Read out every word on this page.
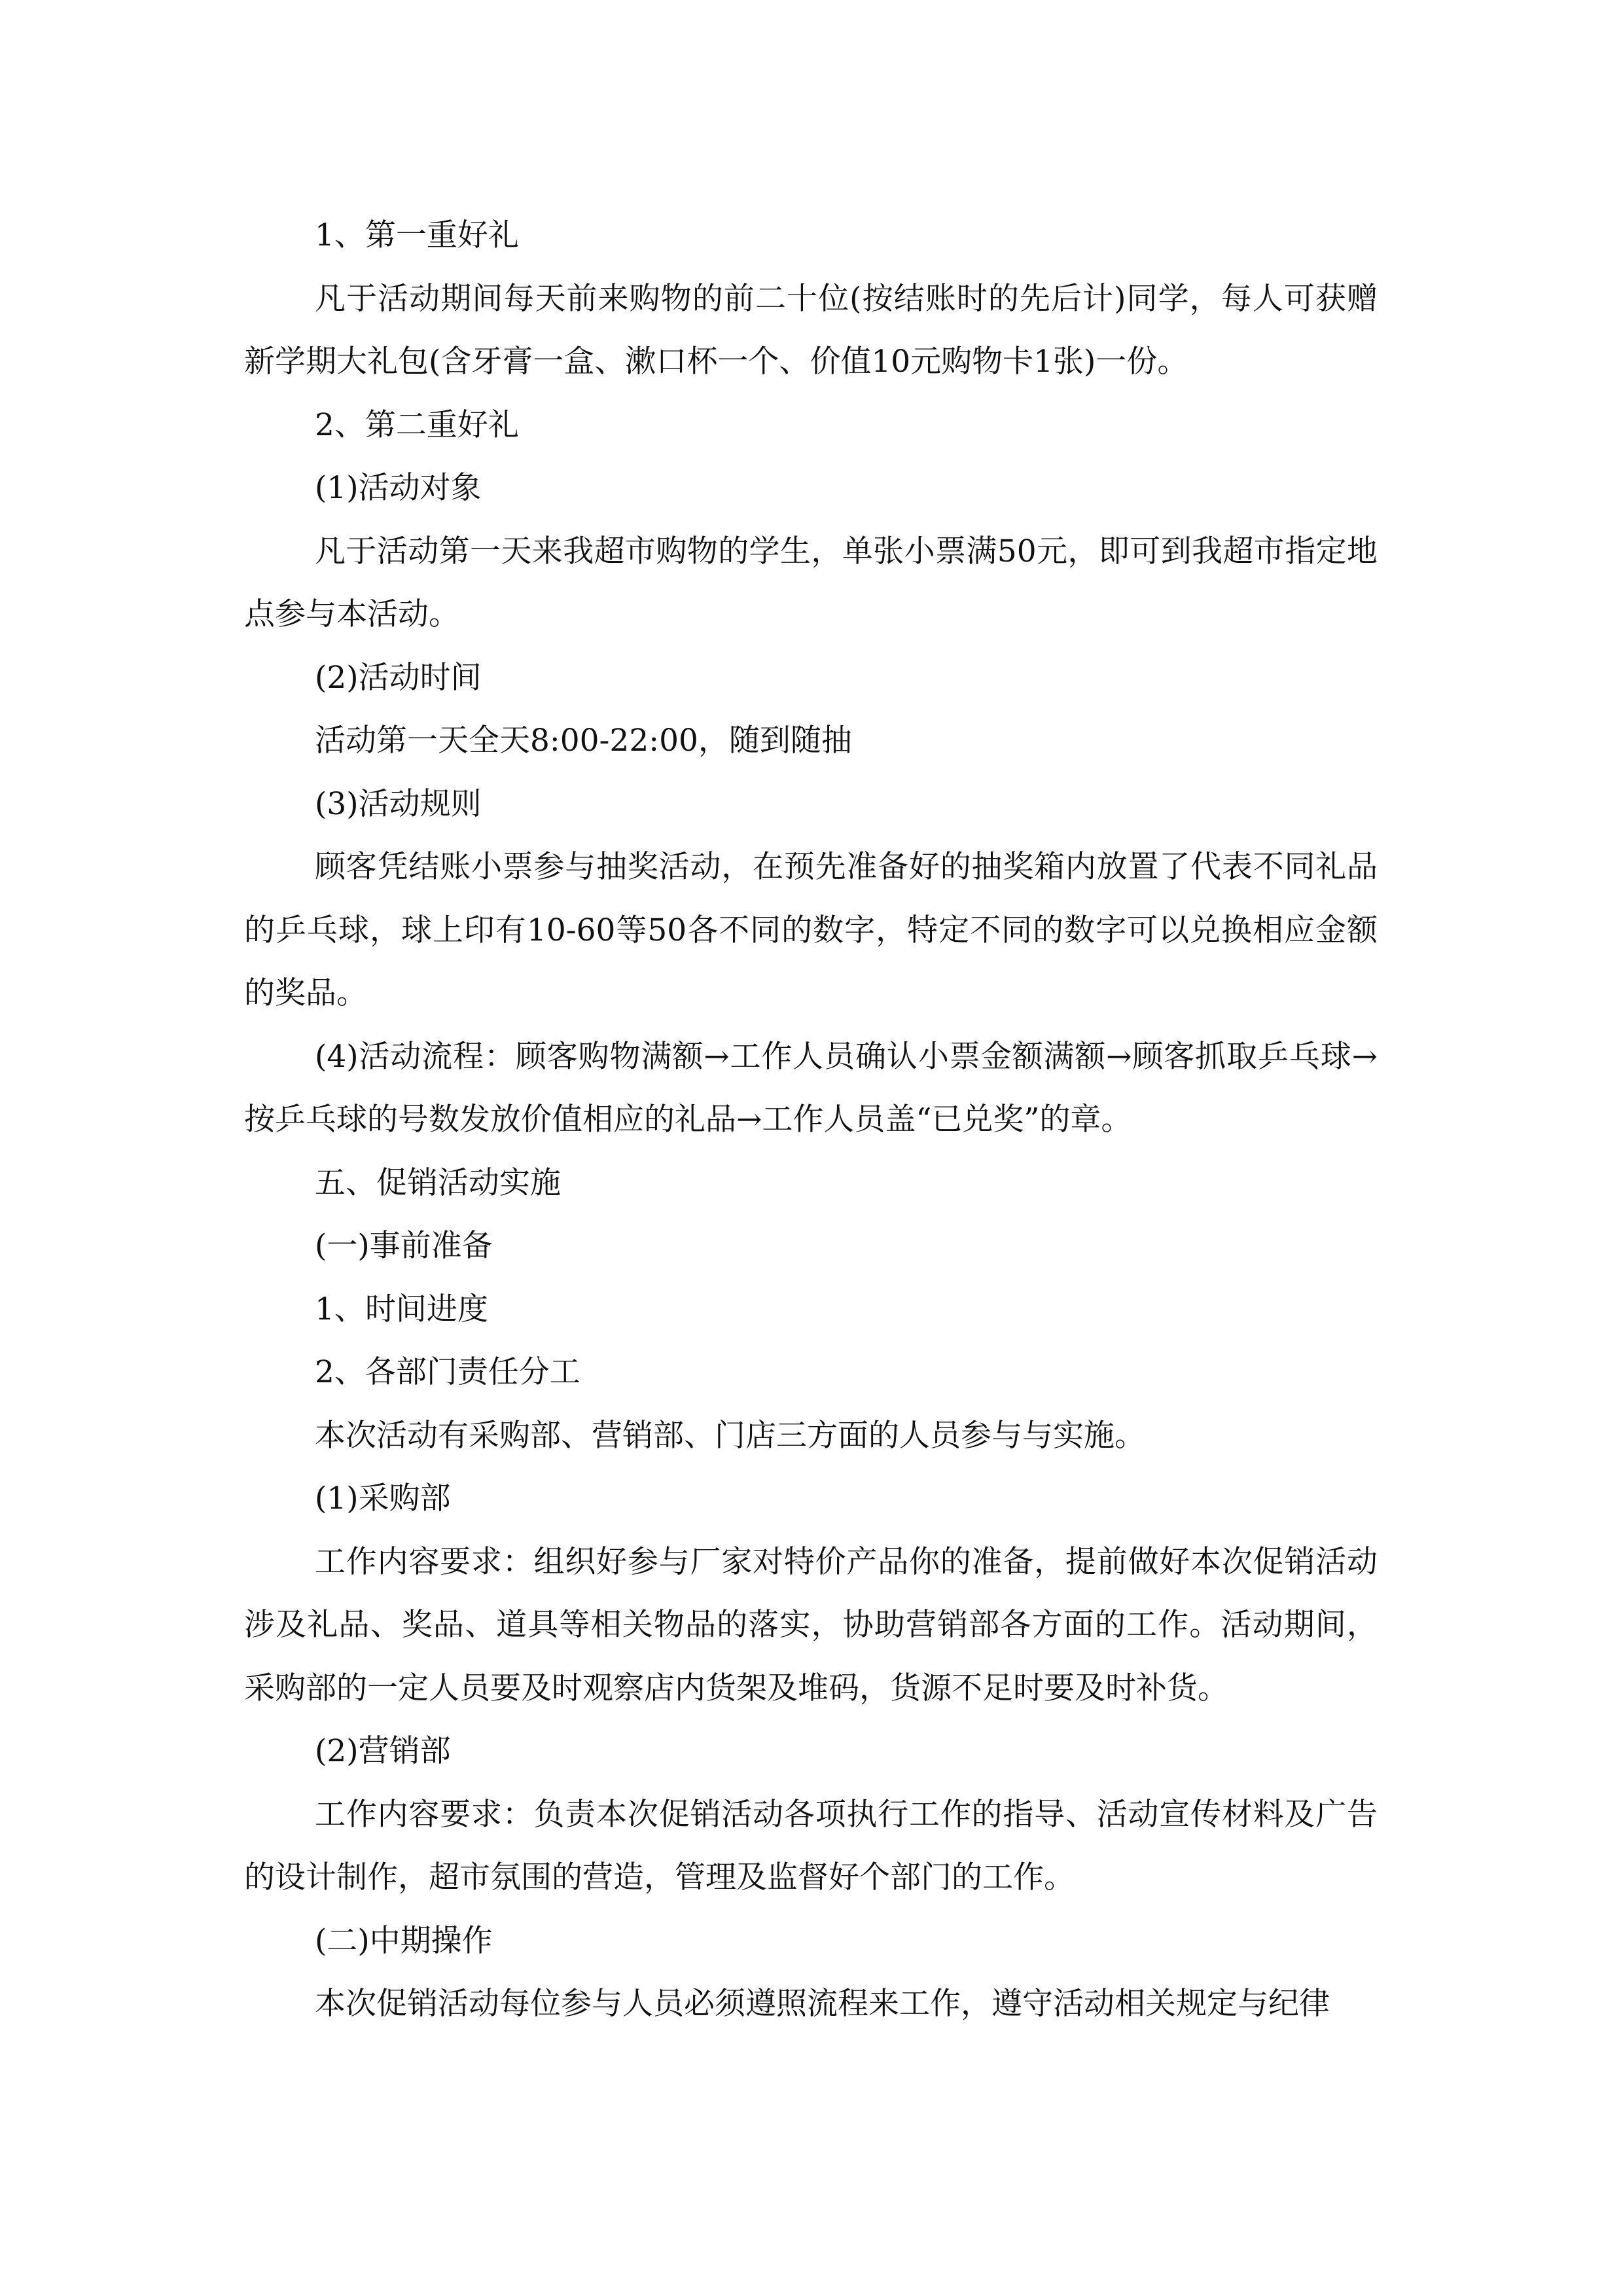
1、第一重好礼

凡于活动期间每天前来购物的前二十位(按结账时的先后计)同学，每人可获赠新学期大礼包(含牙膏一盒、漱口杯一个、价值10元购物卡1张)一份。

2、第二重好礼

(1)活动对象

凡于活动第一天来我超市购物的学生，单张小票满50元，即可到我超市指定地点参与本活动。

(2)活动时间

活动第一天全天8:00-22:00，随到随抽

(3)活动规则

顾客凭结账小票参与抽奖活动，在预先准备好的抽奖箱内放置了代表不同礼品的乒乓球，球上印有10-60等50各不同的数字，特定不同的数字可以兑换相应金额的奖品。

(4)活动流程：顾客购物满额→工作人员确认小票金额满额→顾客抓取乒乓球→按乒乓球的号数发放价值相应的礼品→工作人员盖“已兑奖”的章。

五、促销活动实施

(一)事前准备

1、时间进度

2、各部门责任分工

本次活动有采购部、营销部、门店三方面的人员参与与实施。

(1)采购部

工作内容要求：组织好参与厂家对特价产品你的准备，提前做好本次促销活动涉及礼品、奖品、道具等相关物品的落实，协助营销部各方面的工作。活动期间，采购部的一定人员要及时观察店内货架及堆码，货源不足时要及时补货。

(2)营销部

工作内容要求：负责本次促销活动各项执行工作的指导、活动宣传材料及广告的设计制作，超市氛围的营造，管理及监督好个部门的工作。

(二)中期操作

本次促销活动每位参与人员必须遵照流程来工作，遵守活动相关规定与纪律
